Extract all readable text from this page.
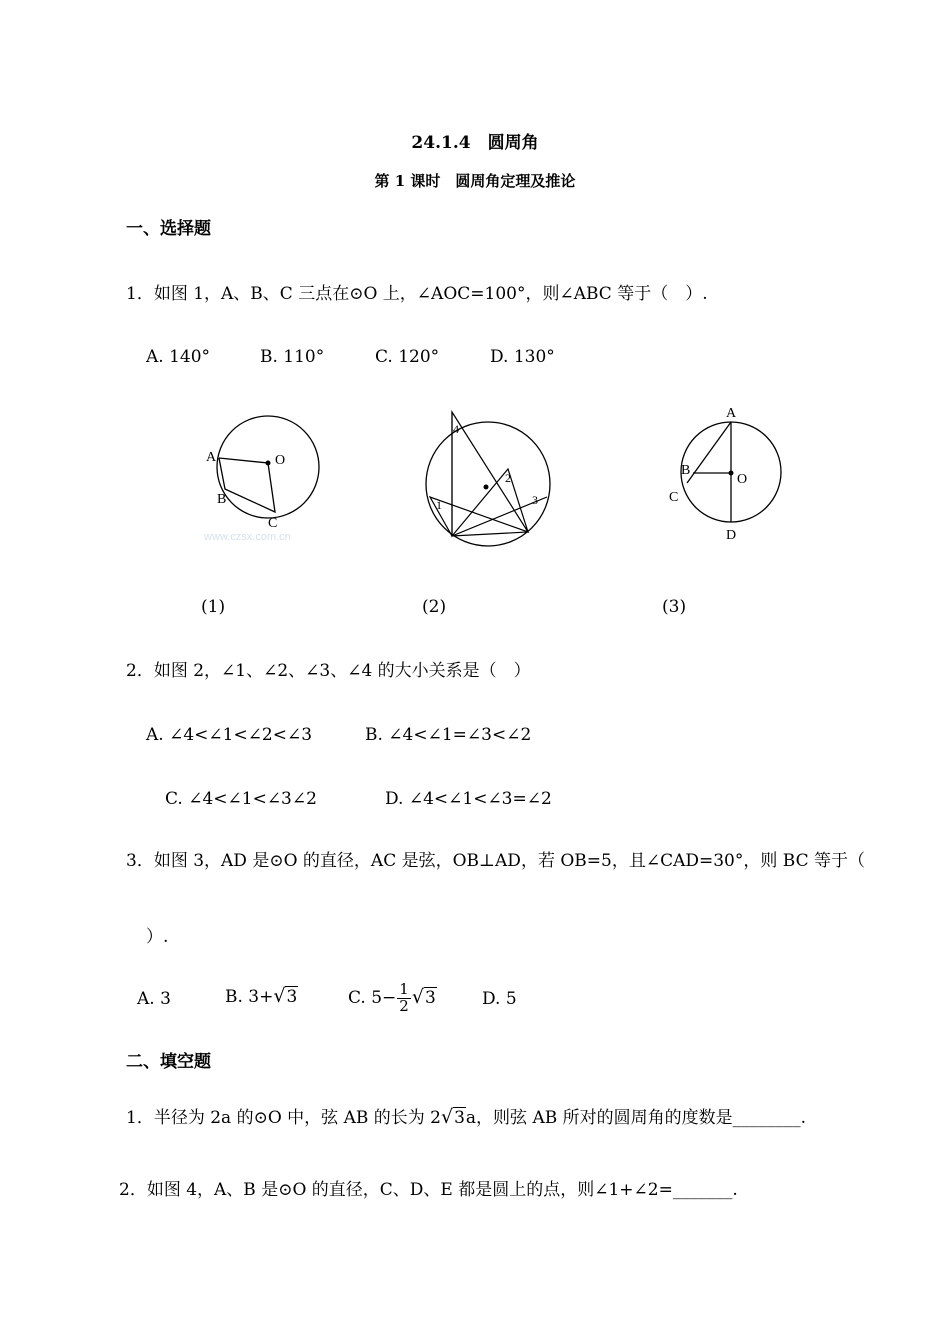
24.1.4　圆周角
第 1 课时　圆周角定理及推论
一、选择题
1．如图 1，A、B、C 三点在⊙O 上，∠AOC=100°，则∠ABC 等于（　）.
A. 140°	B. 110°	C. 120°	D. 130°
A	O
B
C
www.czsx.com.cn
4
2
1	3
A
B
O
C
D
(1)	(2)	(3)
2．如图 2，∠1、∠2、∠3、∠4 的大小关系是（　）
A. ∠4<∠1<∠2<∠3	B. ∠4<∠1=∠3<∠2
C. ∠4<∠1<∠3∠2	D. ∠4<∠1<∠3=∠2
3．如图 3，AD 是⊙O 的直径，AC 是弦，OB⊥AD，若 OB=5，且∠CAD=30°，则 BC 等于（
）.
A. 3	B. 3+√3	C. $5- \frac{1}{2} √3$	D. 5
二、填空题
1．半径为 2a 的⊙O 中，弦 AB 的长为 2√3a，则弦 AB 所对的圆周角的度数是________.
2．如图 4，A、B 是⊙O 的直径，C、D、E 都是圆上的点，则∠1+∠2=_______.
